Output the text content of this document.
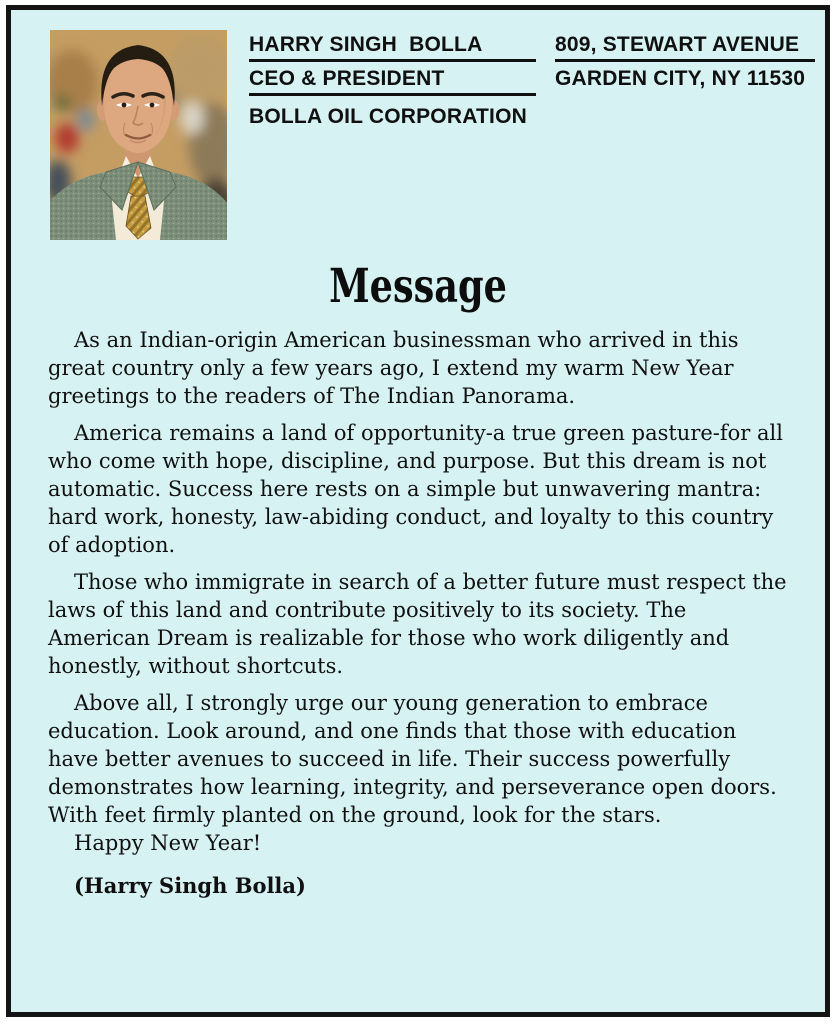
HARRY SINGH  BOLLA
CEO & PRESIDENT
BOLLA OIL CORPORATION
809, STEWART AVENUE
GARDEN CITY, NY 11530
Message

As an Indian-origin American businessman who arrived in this great country only a few years ago, I extend my warm New Year greetings to the readers of The Indian Panorama.

America remains a land of opportunity-a true green pasture-for all who come with hope, discipline, and purpose. But this dream is not automatic. Success here rests on a simple but unwavering mantra: hard work, honesty, law-abiding conduct, and loyalty to this country of adoption.

Those who immigrate in search of a better future must respect the laws of this land and contribute positively to its society. The American Dream is realizable for those who work diligently and honestly, without shortcuts.

Above all, I strongly urge our young generation to embrace education. Look around, and one finds that those with education have better avenues to succeed in life. Their success powerfully demonstrates how learning, integrity, and perseverance open doors. With feet firmly planted on the ground, look for the stars.

Happy New Year!

(Harry Singh Bolla)
